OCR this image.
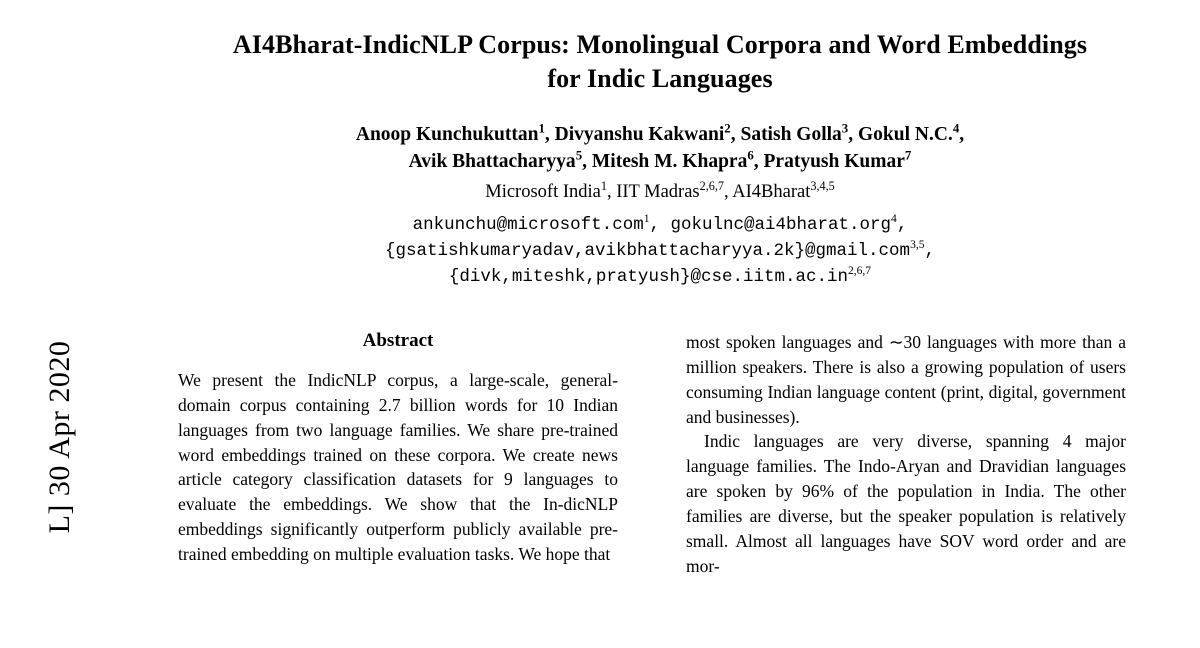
L] 30 Apr 2020
AI4Bharat-IndicNLP Corpus: Monolingual Corpora and Word Embeddings for Indic Languages
Anoop Kunchukuttan$^1$, Divyanshu Kakwani$^2$, Satish Golla$^3$, Gokul N.C.$^4$,
Avik Bhattacharyya$^5$, Mitesh M. Khapra$^6$, Pratyush Kumar$^7$
Microsoft India$^1$, IIT Madras$^{2,6,7}$, AI4Bharat$^{3,4,5}$
ankunchu@microsoft.com$^1$, gokulnc@ai4bharat.org$^4$,
{gsatishkumaryadav,avikbhattacharyya.2k}@gmail.com$^{3,5}$,
{divk,miteshk,pratyush}@cse.iitm.ac.in$^{2,6,7}$
Abstract

We present the IndicNLP corpus, a large-scale, general-domain corpus containing 2.7 billion words for 10 Indian languages from two language families. We share pre-trained word embeddings trained on these corpora. We create news article category classification datasets for 9 languages to evaluate the embeddings. We show that the In-dicNLP embeddings significantly outperform publicly available pre-trained embedding on multiple evaluation tasks. We hope that

most spoken languages and ∼30 languages with more than a million speakers. There is also a growing population of users consuming Indian language content (print, digital, government and businesses).

Indic languages are very diverse, spanning 4 major language families. The Indo-Aryan and Dravidian languages are spoken by 96% of the population in India. The other families are diverse, but the speaker population is relatively small. Almost all languages have SOV word order and are mor-
